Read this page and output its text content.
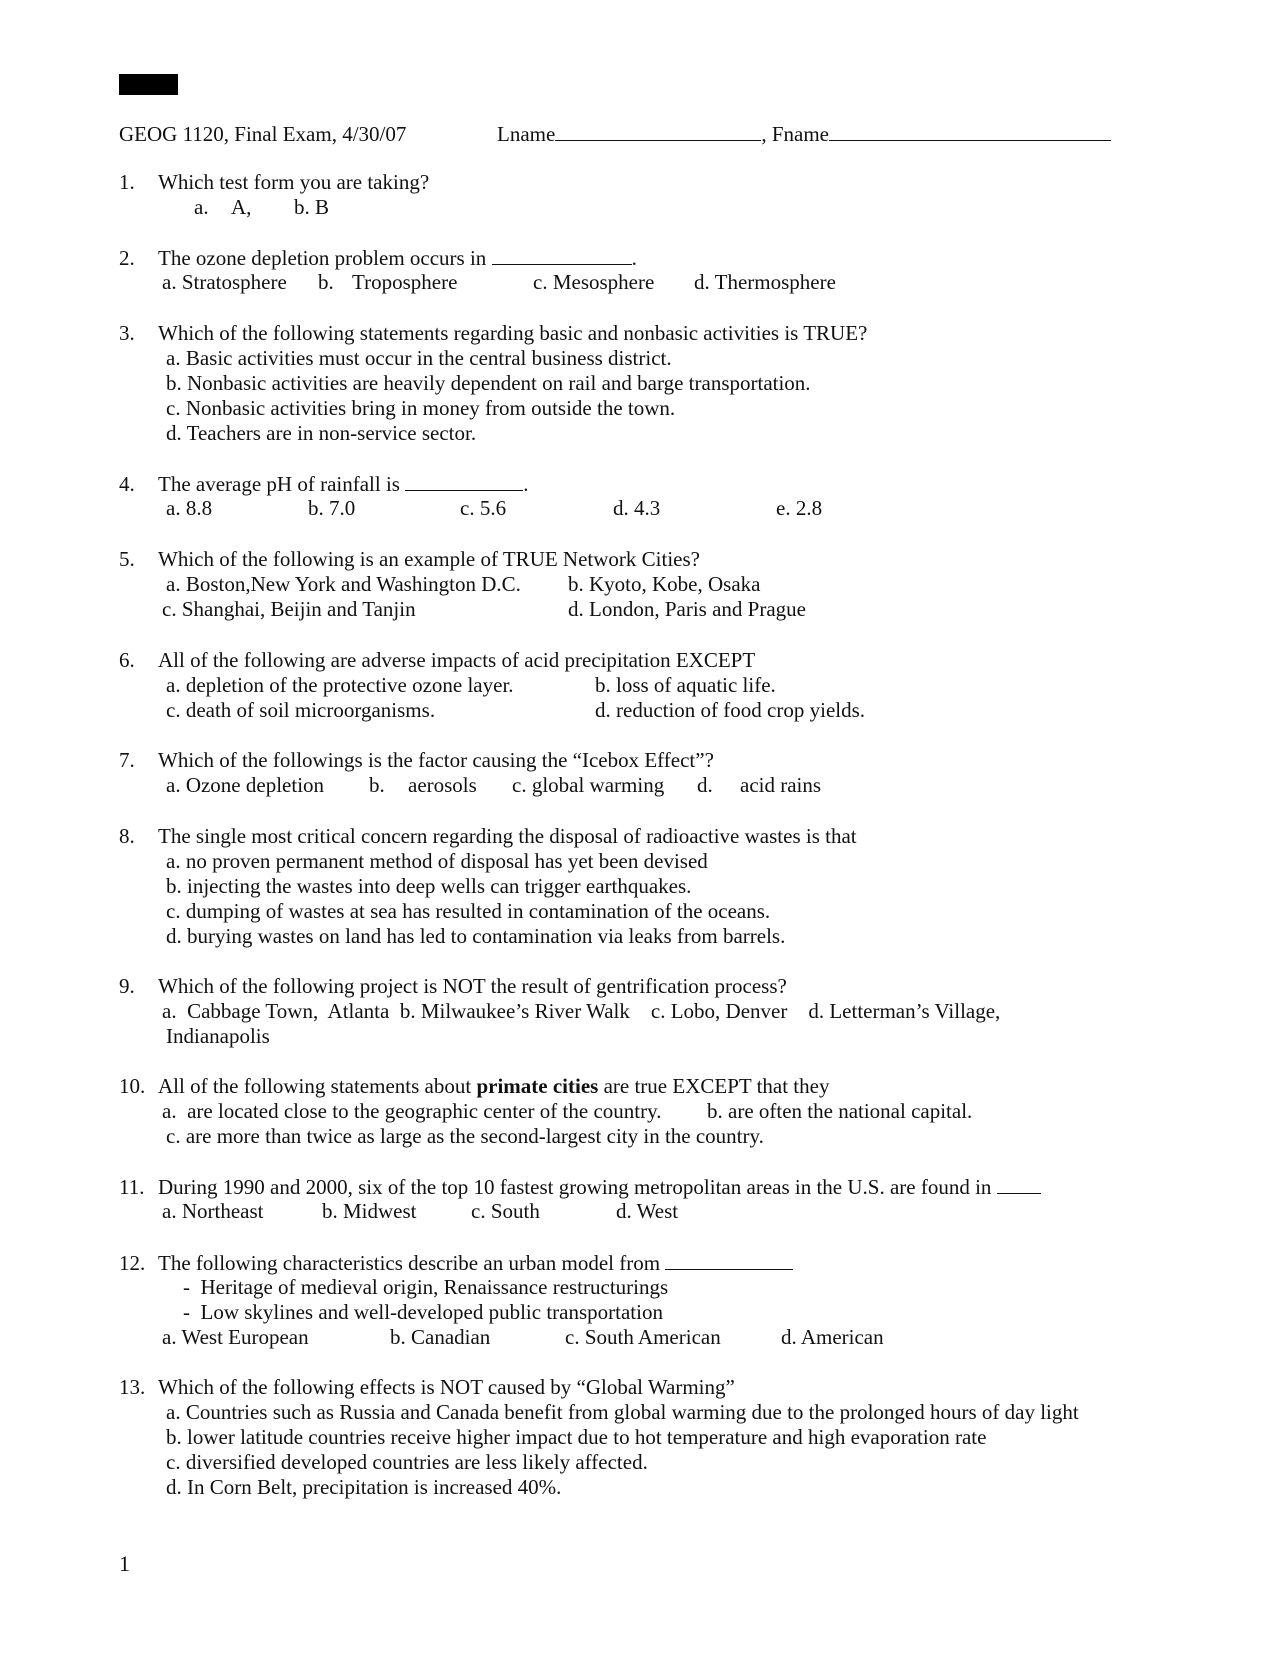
GEOG 1120, Final Exam, 4/30/07	Lname	, Fname
1. Which test form you are taking?
a. A, b. B
2. The ozone depletion problem occurs in	.
a. Stratosphere b. Troposphere	c. Mesosphere d. Thermosphere
3. Which of the following statements regarding basic and nonbasic activities is TRUE?
a. Basic activities must occur in the central business district.
b. Nonbasic activities are heavily dependent on rail and barge transportation.
c. Nonbasic activities bring in money from outside the town.
d. Teachers are in non-service sector.
4. The average pH of rainfall is	.
a. 8.8	b. 7.0	c. 5.6	d. 4.3	e. 2.8
5. Which of the following is an example of TRUE Network Cities?
a. Boston,New York and Washington D.C. b. Kyoto, Kobe, Osaka
c. Shanghai, Beijin and Tanjin	d. London, Paris and Prague
6. All of the following are adverse impacts of acid precipitation EXCEPT
a. depletion of the protective ozone layer.	b. loss of aquatic life.
c. death of soil microorganisms.	d. reduction of food crop yields.
7. Which of the followings is the factor causing the “Icebox Effect”?
a. Ozone depletion b. aerosols c. global warming d. acid rains
8. The single most critical concern regarding the disposal of radioactive wastes is that
a. no proven permanent method of disposal has yet been devised
b. injecting the wastes into deep wells can trigger earthquakes.
c. dumping of wastes at sea has resulted in contamination of the oceans.
d. burying wastes on land has led to contamination via leaks from barrels.
9. Which of the following project is NOT the result of gentrification process?
a.  Cabbage Town,  Atlanta  b. Milwaukee’s River Walk    c. Lobo, Denver    d. Letterman’s Village,
Indianapolis
10. All of the following statements about primate cities are true EXCEPT that they
a.  are located close to the geographic center of the country. b. are often the national capital.
c. are more than twice as large as the second-largest city in the country.
11. During 1990 and 2000, six of the top 10 fastest growing metropolitan areas in the U.S. are found in
a. Northeast	b. Midwest	c. South	d. West
12. The following characteristics describe an urban model from
-  Heritage of medieval origin, Renaissance restructurings
-  Low skylines and well-developed public transportation
a. West European	b. Canadian	c. South American	d. American
13. Which of the following effects is NOT caused by “Global Warming”
a. Countries such as Russia and Canada benefit from global warming due to the prolonged hours of day light
b. lower latitude countries receive higher impact due to hot temperature and high evaporation rate
c. diversified developed countries are less likely affected.
d. In Corn Belt, precipitation is increased 40%.
1
